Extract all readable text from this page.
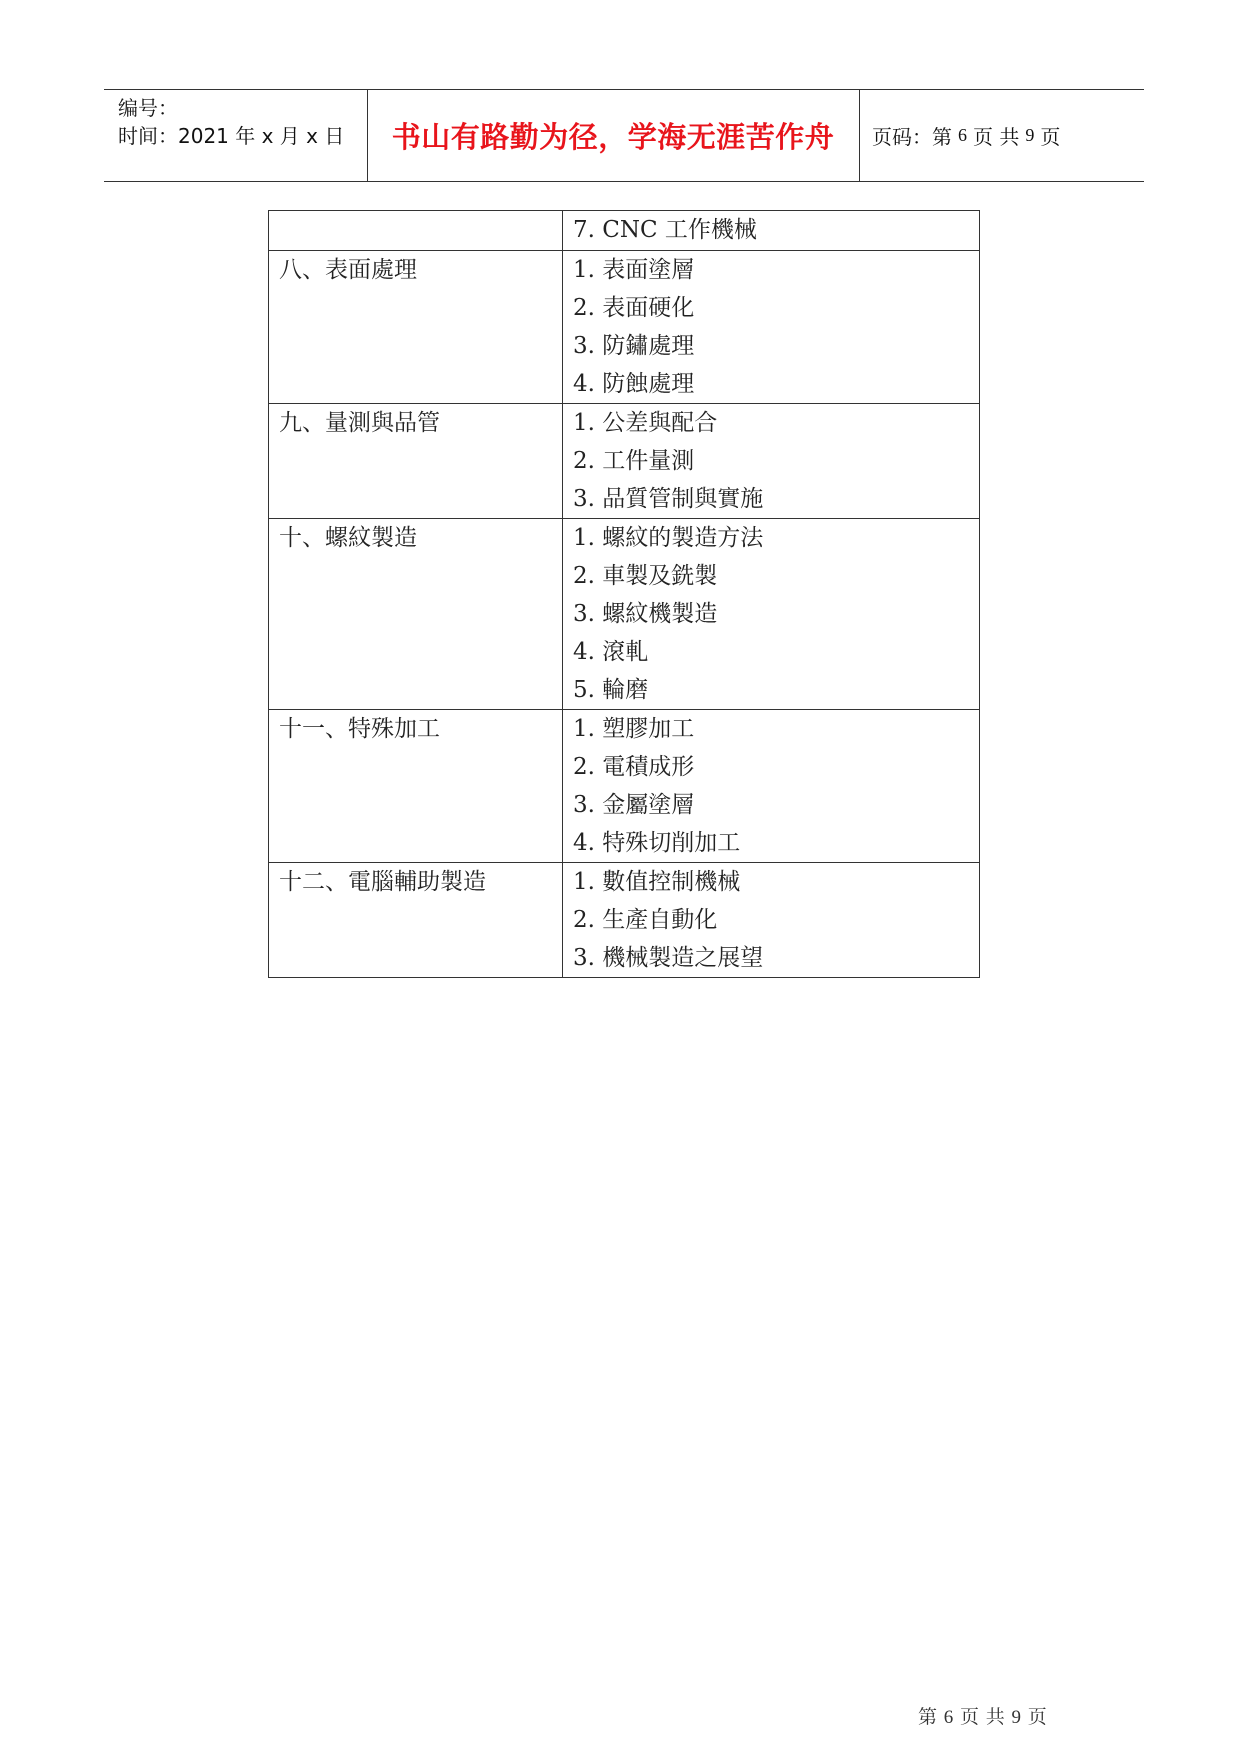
编号：
时间：2021 年 x 月 x 日	书山有路勤为径，学海无涯苦作舟	页码：第 6 页 共 9 页

	7. CNC 工作機械

八、表面處理	1. 表面塗層
2. 表面硬化
3. 防鏽處理
4. 防蝕處理

九、量測與品管	1. 公差與配合
2. 工件量測
3. 品質管制與實施

十、螺紋製造	1. 螺紋的製造方法
2. 車製及銑製
3. 螺紋機製造
4. 滾軋
5. 輪磨

十一、特殊加工	1. 塑膠加工
2. 電積成形
3. 金屬塗層
4. 特殊切削加工

十二、電腦輔助製造	1. 數值控制機械
2. 生產自動化
3. 機械製造之展望
第 6 页 共 9 页
